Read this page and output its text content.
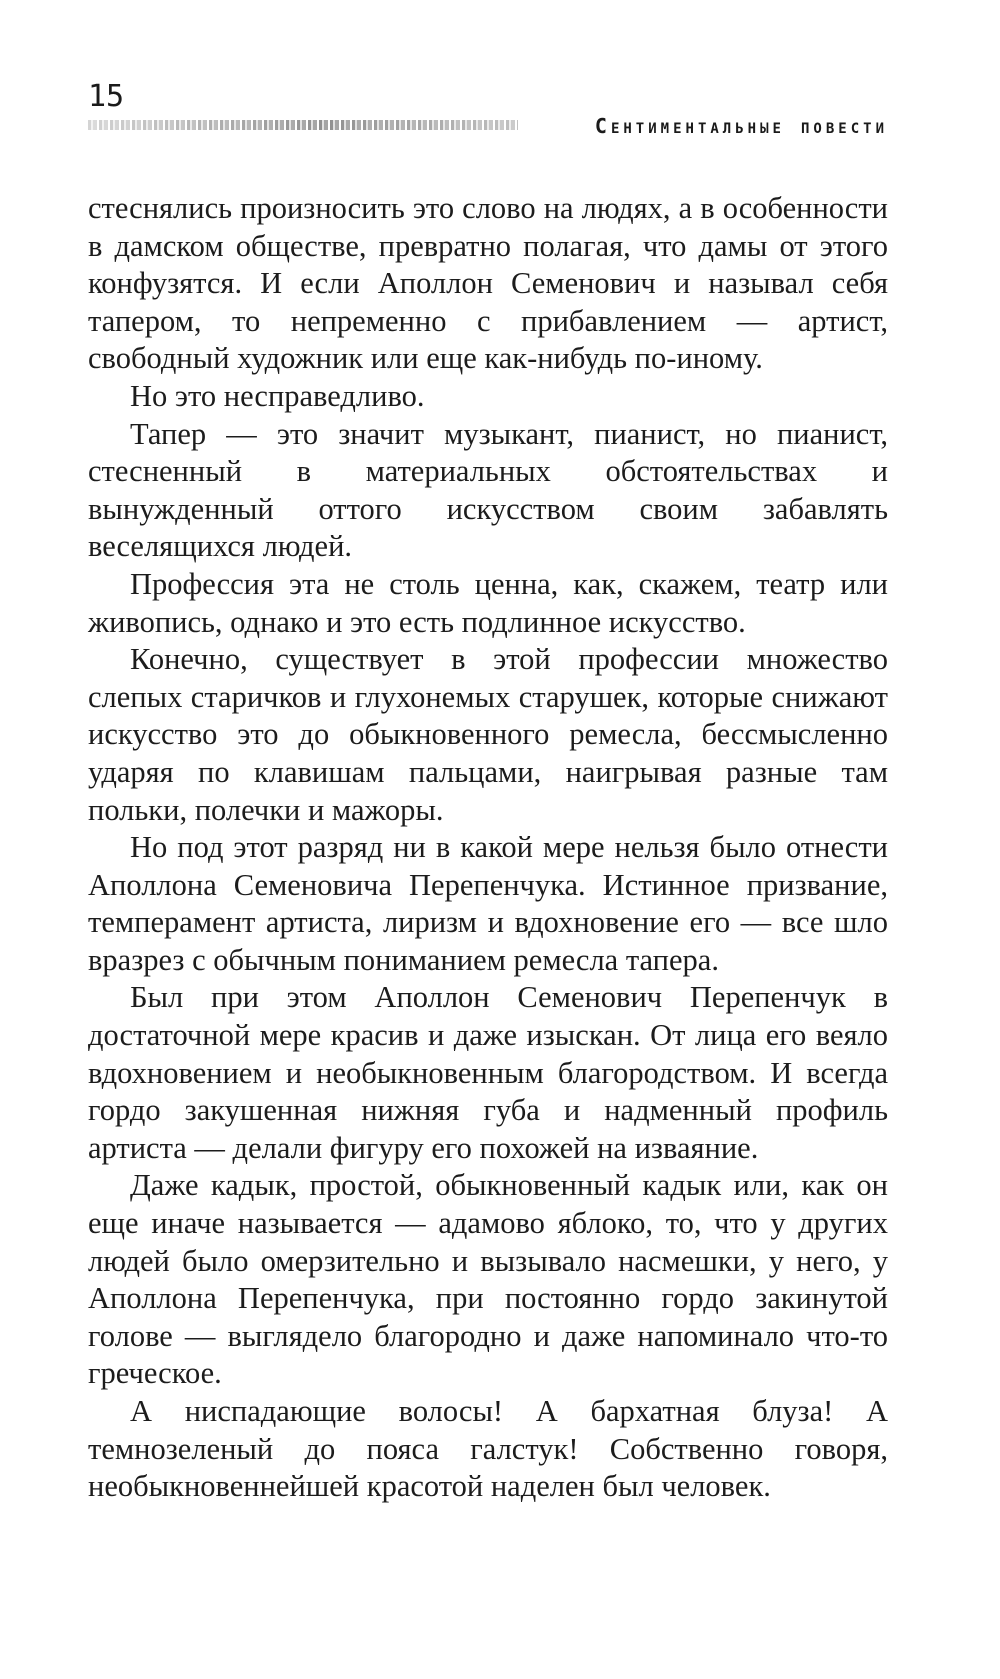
15
Сентиментальные повести

стеснялись произносить это слово на людях, а в особенности в дамском обществе, превратно полагая, что дамы от этого конфузятся. И если Аполлон Семенович и называл себя тапером, то непременно с прибавлением — артист, свободный художник или еще как-нибудь по-иному.

Но это несправедливо.

Тапер — это значит музыкант, пианист, но пианист, стесненный в материальных обстоятельствах и вынужденный оттого искусством своим забавлять веселящихся людей.

Профессия эта не столь ценна, как, скажем, театр или живопись, однако и это есть подлинное искусство.

Конечно, существует в этой профессии множество слепых старичков и глухонемых старушек, которые снижают искусство это до обыкновенного ремесла, бессмысленно ударяя по клавишам пальцами, наигрывая разные там польки, полечки и мажоры.

Но под этот разряд ни в какой мере нельзя было отнести Аполлона Семеновича Перепенчука. Истинное призвание, темперамент артиста, лиризм и вдохновение его — все шло вразрез с обычным пониманием ремесла тапера.

Был при этом Аполлон Семенович Перепенчук в достаточной мере красив и даже изыскан. От лица его веяло вдохновением и необыкновенным благородством. И всегда гордо закушенная нижняя губа и надменный профиль артиста — делали фигуру его похожей на изваяние.

Даже кадык, простой, обыкновенный кадык или, как он еще иначе называется — адамово яблоко, то, что у других людей было омерзительно и вызывало насмешки, у него, у Аполлона Перепенчука, при постоянно гордо закинутой голове — выглядело благородно и даже напоминало что-то греческое.

А ниспадающие волосы! А бархатная блуза! А темнозеленый до пояса галстук! Собственно говоря, необыкновеннейшей красотой наделен был человек.
